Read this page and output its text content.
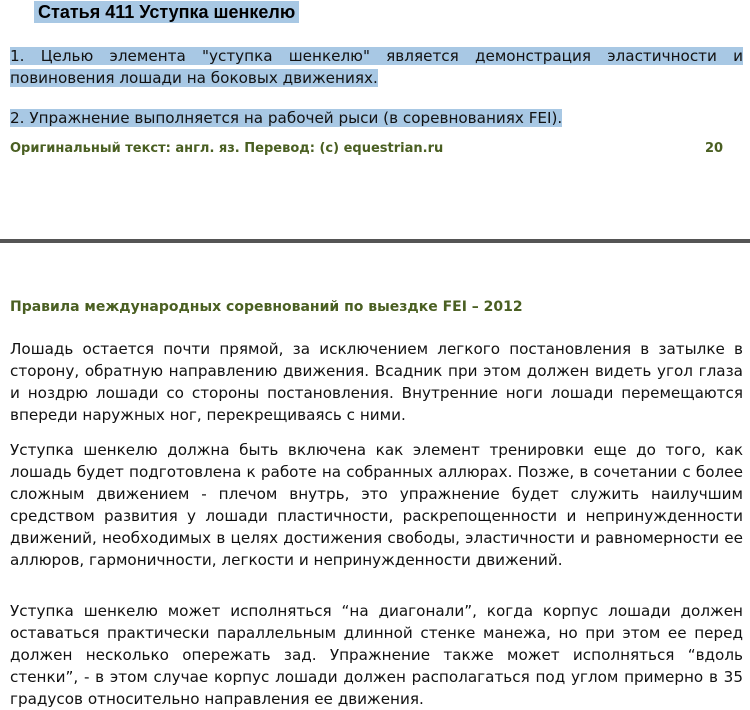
Статья 411 Уступка шенкелю
1. Целью элемента "уступка шенкелю" является демонстрация эластичности и повиновения лошади на боковых движениях.
2. Упражнение выполняется на рабочей рыси (в соревнованиях FEI).
Оригинальный текст: англ. яз. Перевод: (с) equestrian.ru	20
Правила международных соревнований по выездке FEI – 2012
Лошадь остается почти прямой, за исключением легкого постановления в затылке в сторону, обратную направлению движения. Всадник при этом должен видеть угол глаза и ноздрю лошади со стороны постановления. Внутренние ноги лошади перемещаются впереди наружных ног, перекрещиваясь с ними.
Уступка шенкелю должна быть включена как элемент тренировки еще до того, как лошадь будет подготовлена к работе на собранных аллюрах. Позже, в сочетании с более сложным движением - плечом внутрь, это упражнение будет служить наилучшим средством развития у лошади пластичности, раскрепощенности и непринужденности движений, необходимых в целях достижения свободы, эластичности и равномерности ее аллюров, гармоничности, легкости и непринужденности движений.
Уступка шенкелю может исполняться “на диагонали”, когда корпус лошади должен оставаться практически параллельным длинной стенке манежа, но при этом ее перед должен несколько опережать зад. Упражнение также может исполняться “вдоль стенки”, - в этом случае корпус лошади должен располагаться под углом примерно в 35 градусов относительно направления ее движения.
